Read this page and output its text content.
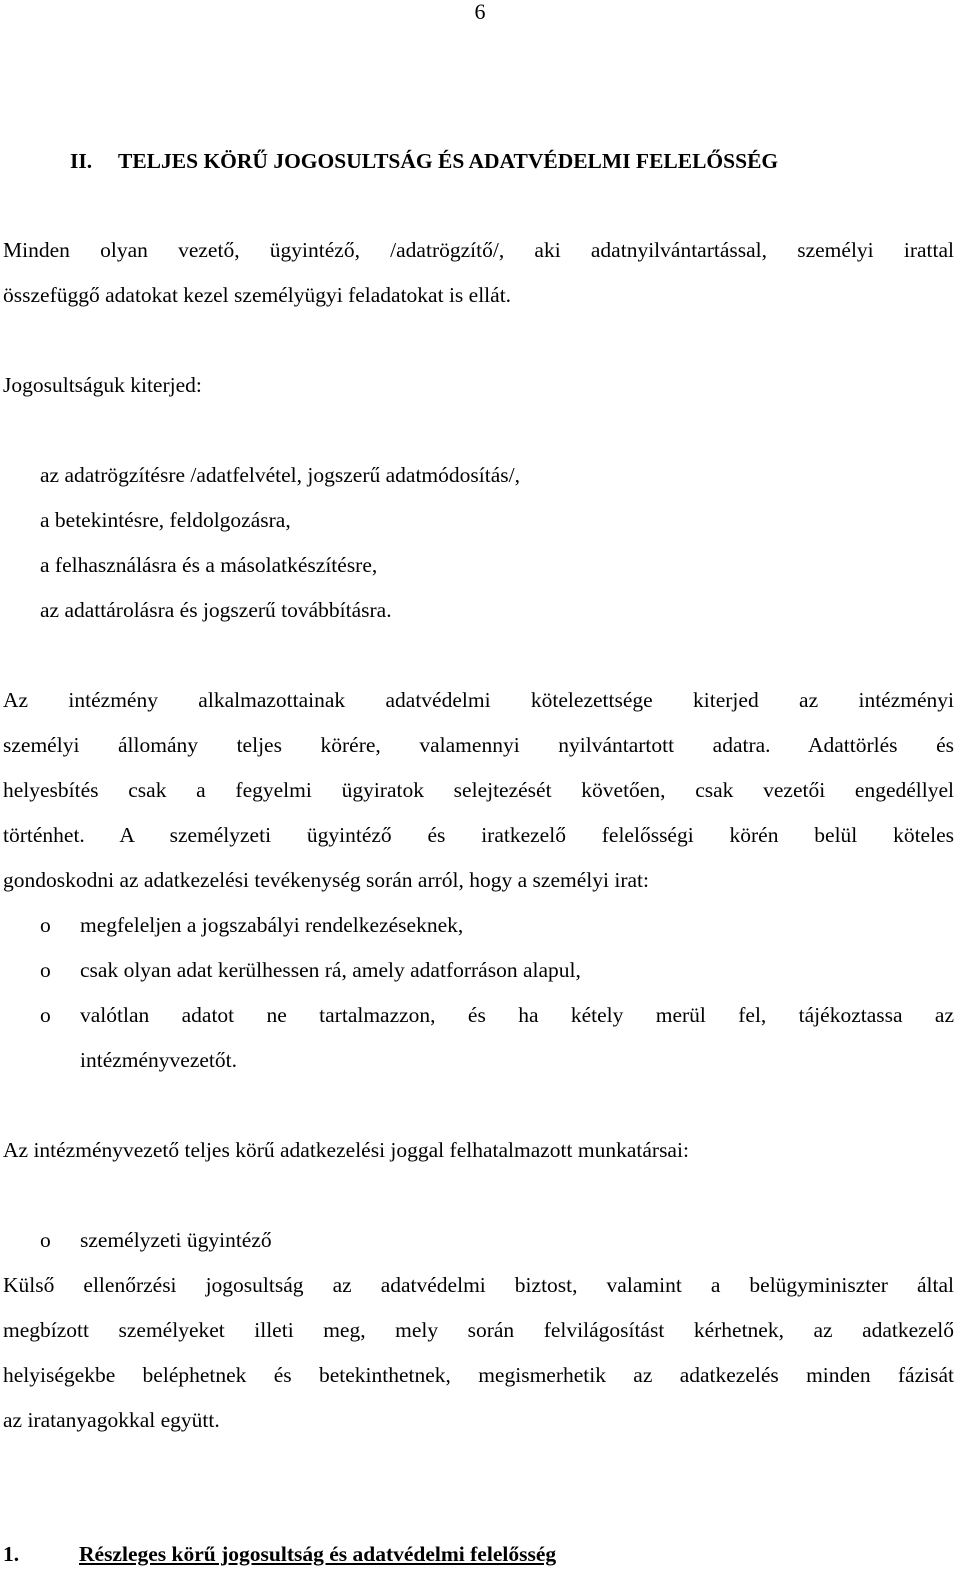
6
II. TELJES KÖRŰ JOGOSULTSÁG ÉS ADATVÉDELMI FELELŐSSÉG
Minden olyan vezető, ügyintéző, /adatrögzítő/, aki adatnyilvántartással, személyi irattal
összefüggő adatokat kezel személyügyi feladatokat is ellát.
Jogosultságuk kiterjed:
az adatrögzítésre /adatfelvétel, jogszerű adatmódosítás/,
a betekintésre, feldolgozásra,
a felhasználásra és a másolatkészítésre,
az adattárolásra és jogszerű továbbításra.
Az intézmény alkalmazottainak adatvédelmi kötelezettsége kiterjed az intézményi
személyi állomány teljes körére, valamennyi nyilvántartott adatra. Adattörlés és
helyesbítés csak a fegyelmi ügyiratok selejtezését követően, csak vezetői engedéllyel
történhet. A személyzeti ügyintéző és iratkezelő felelősségi körén belül köteles
gondoskodni az adatkezelési tevékenység során arról, hogy a személyi irat:
o megfeleljen a jogszabályi rendelkezéseknek,
o csak olyan adat kerülhessen rá, amely adatforráson alapul,
o valótlan adatot ne tartalmazzon, és ha kétely merül fel, tájékoztassa az
intézményvezetőt.
Az intézményvezető teljes körű adatkezelési joggal felhatalmazott munkatársai:
o személyzeti ügyintéző
Külső ellenőrzési jogosultság az adatvédelmi biztost, valamint a belügyminiszter által
megbízott személyeket illeti meg, mely során felvilágosítást kérhetnek, az adatkezelő
helyiségekbe beléphetnek és betekinthetnek, megismerhetik az adatkezelés minden fázisát
az iratanyagokkal együtt.
1.	Részleges körű jogosultság és adatvédelmi felelősség
